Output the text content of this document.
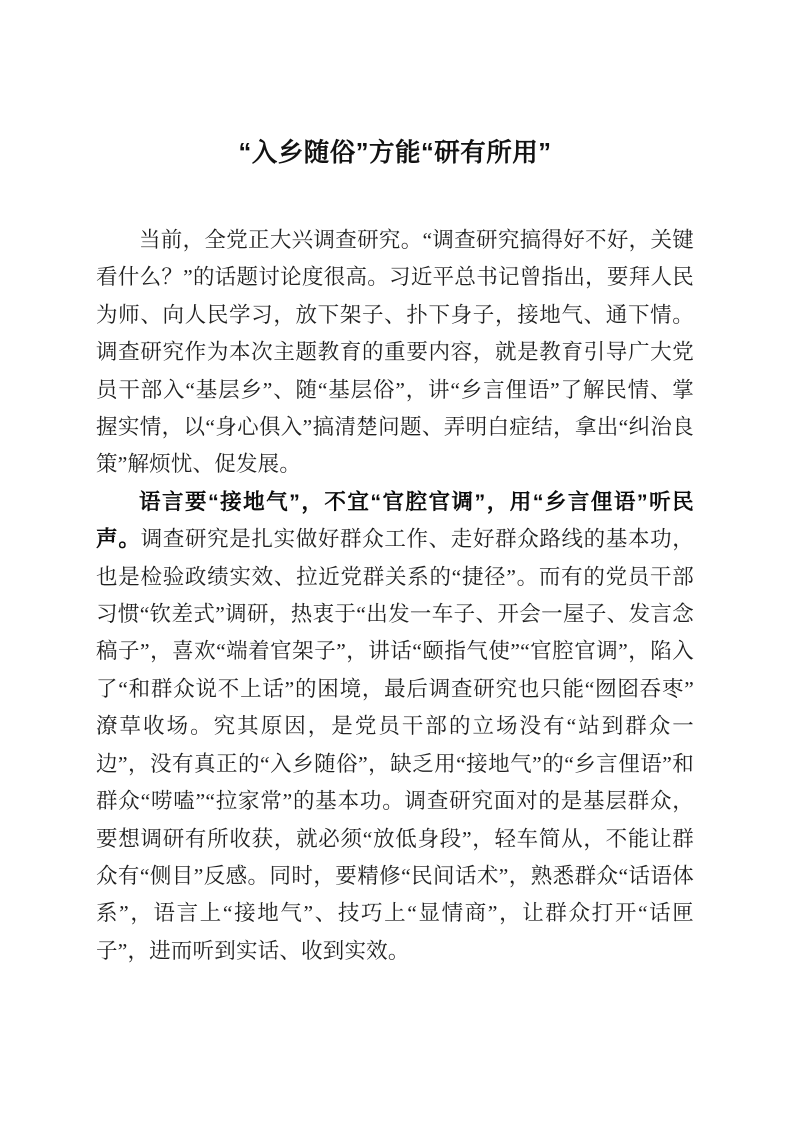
“入乡随俗”方能“研有所用”

当前，全党正大兴调查研究。“调查研究搞得好不好，关键看什么？”的话题讨论度很高。习近平总书记曾指出，要拜人民为师、向人民学习，放下架子、扑下身子，接地气、通下情。调查研究作为本次主题教育的重要内容，就是教育引导广大党员干部入“基层乡”、随“基层俗”，讲“乡言俚语”了解民情、掌握实情，以“身心俱入”搞清楚问题、弄明白症结，拿出“纠治良策”解烦忧、促发展。

语言要“接地气”，不宜“官腔官调”，用“乡言俚语”听民声。调查研究是扎实做好群众工作、走好群众路线的基本功，也是检验政绩实效、拉近党群关系的“捷径”。而有的党员干部习惯“钦差式”调研，热衷于“出发一车子、开会一屋子、发言念稿子”，喜欢“端着官架子”，讲话“颐指气使”“官腔官调”，陷入了“和群众说不上话”的困境，最后调查研究也只能“囫囵吞枣”潦草收场。究其原因，是党员干部的立场没有“站到群众一边”，没有真正的“入乡随俗”，缺乏用“接地气”的“乡言俚语”和群众“唠嗑”“拉家常”的基本功。调查研究面对的是基层群众，要想调研有所收获，就必须“放低身段”，轻车简从，不能让群众有“侧目”反感。同时，要精修“民间话术”，熟悉群众“话语体系”，语言上“接地气”、技巧上“显情商”，让群众打开“话匣子”，进而听到实话、收到实效。
